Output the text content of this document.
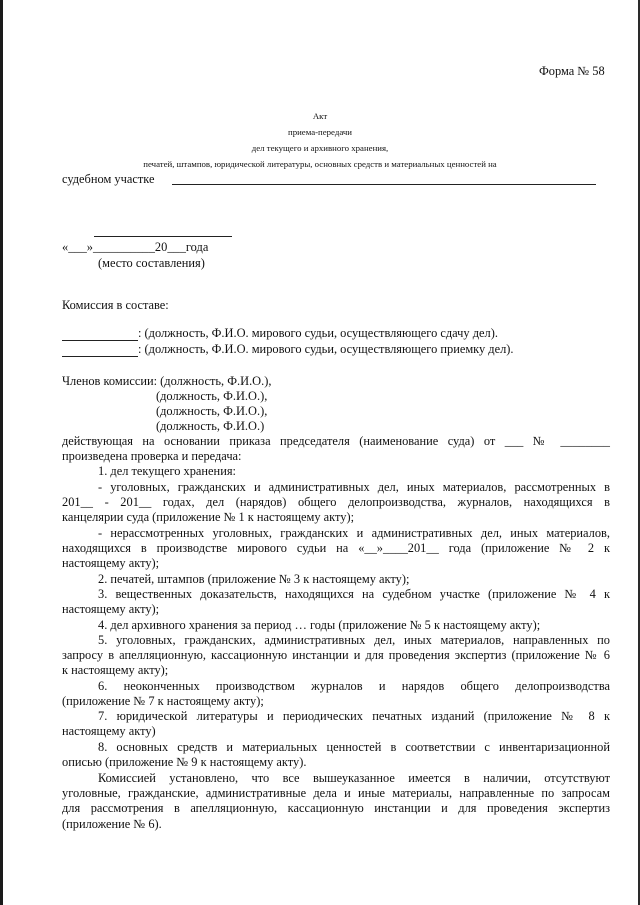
Форма № 58
Акт
приема-передачи
дел текущего и архивного хранения,
печатей, штампов, юридической литературы, основных средств и материальных ценностей на
судебном участке
«___»__________20___года
(место составления)
Комиссия в составе:
: (должность, Ф.И.О. мирового судьи, осуществляющего сдачу дел).
: (должность, Ф.И.О. мирового судьи, осуществляющего приемку дел).
Членов комиссии: (должность, Ф.И.О.),
(должность, Ф.И.О.),
(должность, Ф.И.О.),
(должность, Ф.И.О.)
действующая на основании приказа председателя (наименование суда) от ___ № ________
произведена проверка и передача:
1. дел текущего хранения:
- уголовных, гражданских и административных дел, иных материалов, рассмотренных в
201__ - 201__ годах, дел (нарядов) общего делопроизводства, журналов, находящихся в
канцелярии суда (приложение № 1 к настоящему акту);
- нерассмотренных уголовных, гражданских и административных дел, иных материалов,
находящихся в производстве мирового судьи на «__»____201__ года (приложение № 2 к
настоящему акту);
2. печатей, штампов (приложение № 3 к настоящему акту);
3. вещественных доказательств, находящихся на судебном участке (приложение № 4 к
настоящему акту);
4. дел архивного хранения за период … годы (приложение № 5 к настоящему акту);
5. уголовных, гражданских, административных дел, иных материалов, направленных по
запросу в апелляционную, кассационную инстанции и для проведения экспертиз (приложение № 6
к настоящему акту);
6. неоконченных производством журналов и нарядов общего делопроизводства
(приложение № 7 к настоящему акту);
7. юридической литературы и периодических печатных изданий (приложение № 8 к
настоящему акту)
8. основных средств и материальных ценностей в соответствии с инвентаризационной
описью (приложение № 9 к настоящему акту).
Комиссией установлено, что все вышеуказанное имеется в наличии, отсутствуют
уголовные, гражданские, административные дела и иные материалы, направленные по запросам
для рассмотрения в апелляционную, кассационную инстанции и для проведения экспертиз
(приложение № 6).
